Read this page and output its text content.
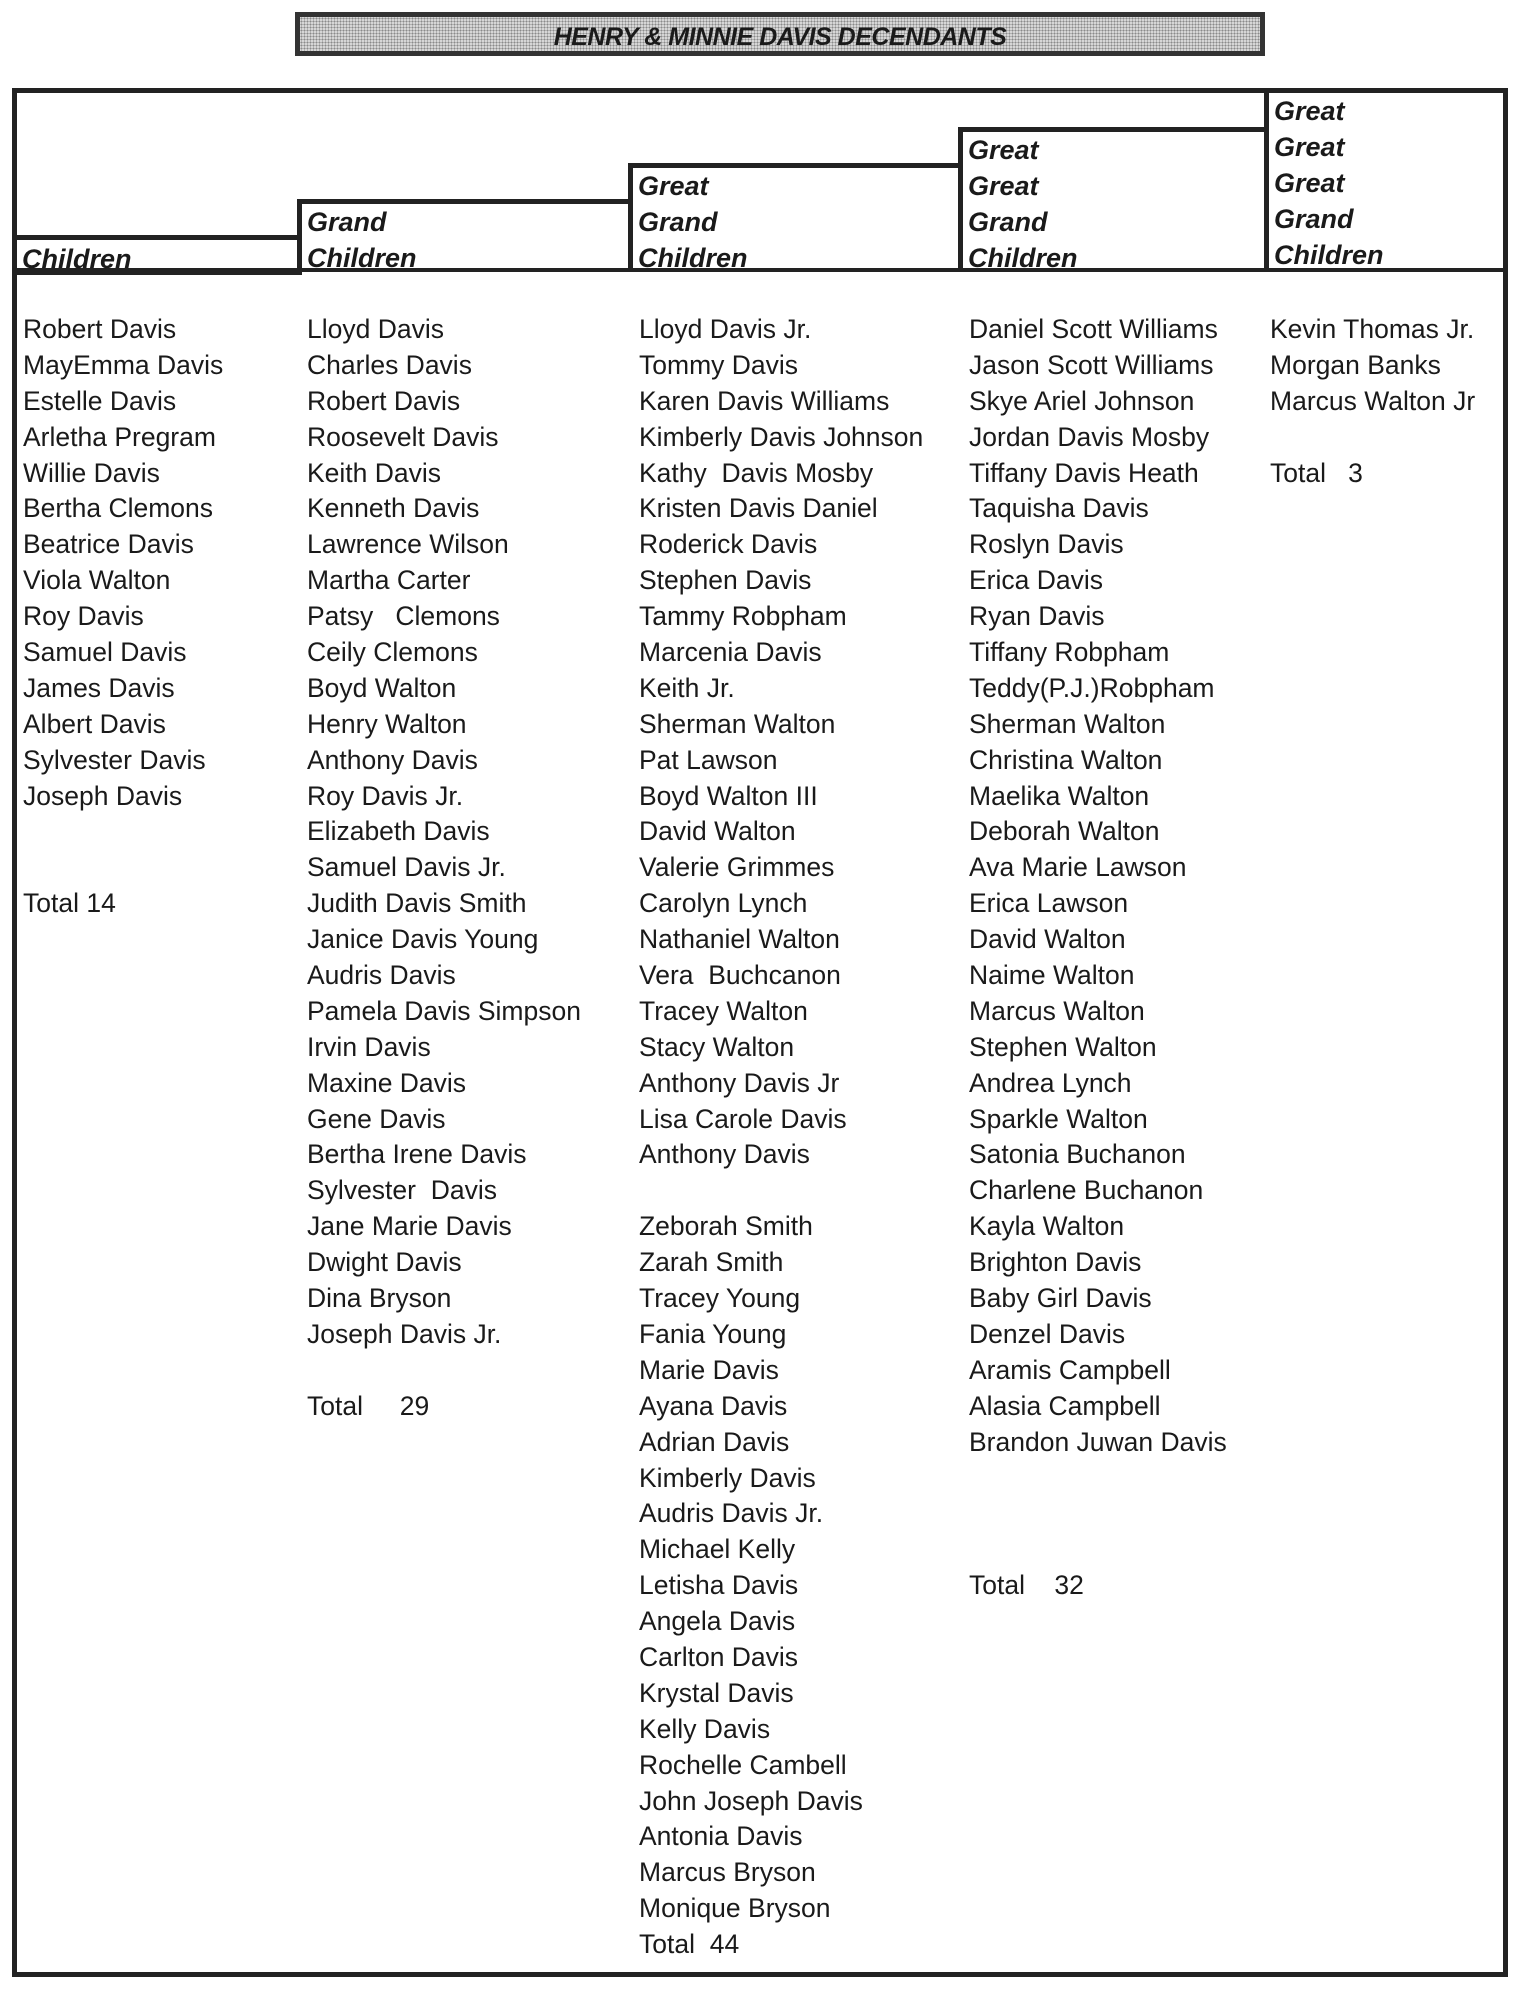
HENRY & MINNIE DAVIS DECENDANTS
Children
Grand
Children
Great
Grand
Children
Great
Great
Grand
Children
Great
Great
Great
Grand
Children
Robert Davis
MayEmma Davis
Estelle Davis
Arletha Pregram
Willie Davis
Bertha Clemons
Beatrice Davis
Viola Walton
Roy Davis
Samuel Davis
James Davis
Albert Davis
Sylvester Davis
Joseph Davis
Total 14
Lloyd Davis
Charles Davis
Robert Davis
Roosevelt Davis
Keith Davis
Kenneth Davis
Lawrence Wilson
Martha Carter
Patsy   Clemons
Ceily Clemons
Boyd Walton
Henry Walton
Anthony Davis
Roy Davis Jr.
Elizabeth Davis
Samuel Davis Jr.
Judith Davis Smith
Janice Davis Young
Audris Davis
Pamela Davis Simpson
Irvin Davis
Maxine Davis
Gene Davis
Bertha Irene Davis
Sylvester  Davis
Jane Marie Davis
Dwight Davis
Dina Bryson
Joseph Davis Jr.
Total     29
Lloyd Davis Jr.
Tommy Davis
Karen Davis Williams
Kimberly Davis Johnson
Kathy  Davis Mosby
Kristen Davis Daniel
Roderick Davis
Stephen Davis
Tammy Robpham
Marcenia Davis
Keith Jr.
Sherman Walton
Pat Lawson
Boyd Walton III
David Walton
Valerie Grimmes
Carolyn Lynch
Nathaniel Walton
Vera  Buchcanon
Tracey Walton
Stacy Walton
Anthony Davis Jr
Lisa Carole Davis
Anthony Davis
Zeborah Smith
Zarah Smith
Tracey Young
Fania Young
Marie Davis
Ayana Davis
Adrian Davis
Kimberly Davis
Audris Davis Jr.
Michael Kelly
Letisha Davis
Angela Davis
Carlton Davis
Krystal Davis
Kelly Davis
Rochelle Cambell
John Joseph Davis
Antonia Davis
Marcus Bryson
Monique Bryson
Total  44
Daniel Scott Williams
Jason Scott Williams
Skye Ariel Johnson
Jordan Davis Mosby
Tiffany Davis Heath
Taquisha Davis
Roslyn Davis
Erica Davis
Ryan Davis
Tiffany Robpham
Teddy(P.J.)Robpham
Sherman Walton
Christina Walton
Maelika Walton
Deborah Walton
Ava Marie Lawson
Erica Lawson
David Walton
Naime Walton
Marcus Walton
Stephen Walton
Andrea Lynch
Sparkle Walton
Satonia Buchanon
Charlene Buchanon
Kayla Walton
Brighton Davis
Baby Girl Davis
Denzel Davis
Aramis Campbell
Alasia Campbell
Brandon Juwan Davis
Total    32
Kevin Thomas Jr.
Morgan Banks
Marcus Walton Jr
Total   3
